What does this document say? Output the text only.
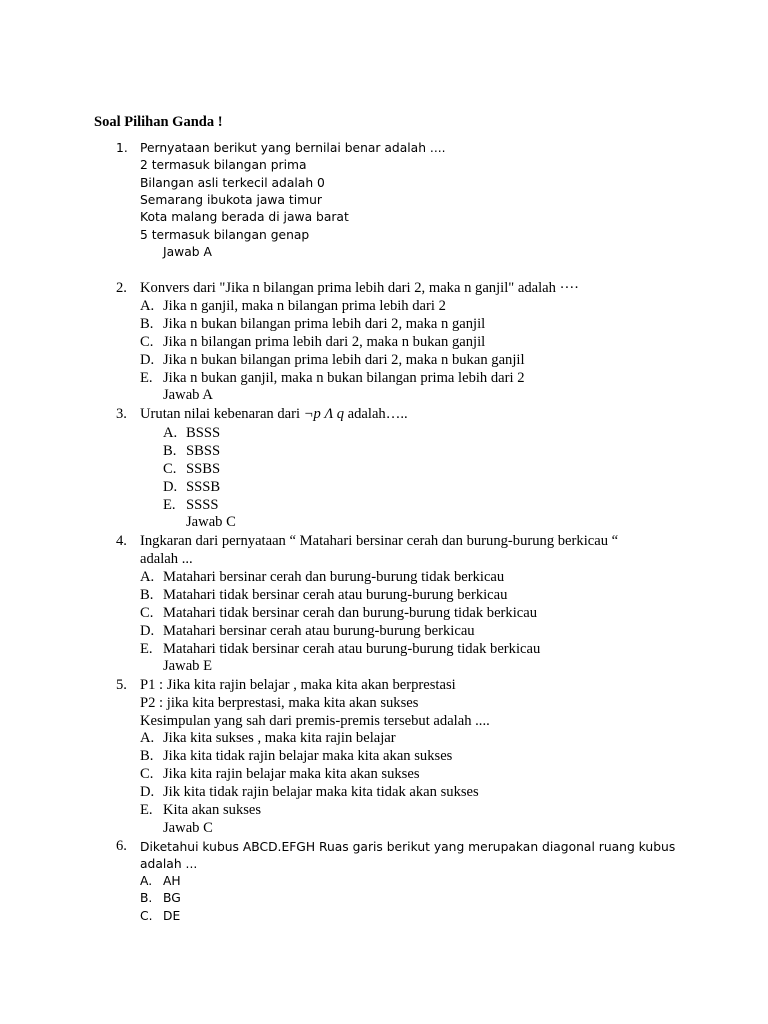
Soal Pilihan Ganda !
1. Pernyataan berikut yang bernilai benar adalah ....
2 termasuk bilangan prima
Bilangan asli terkecil adalah 0
Semarang ibukota jawa timur
Kota malang berada di jawa barat
5 termasuk bilangan genap
Jawab A
2. Konvers dari "Jika n bilangan prima lebih dari 2, maka n ganjil" adalah ····
A. Jika n ganjil, maka n bilangan prima lebih dari 2
B. Jika n bukan bilangan prima lebih dari 2, maka n ganjil
C. Jika n bilangan prima lebih dari 2, maka n bukan ganjil
D. Jika n bukan bilangan prima lebih dari 2, maka n bukan ganjil
E. Jika n bukan ganjil, maka n bukan bilangan prima lebih dari 2
Jawab A
3. Urutan nilai kebenaran dari ¬p Λ q adalah…..
A. BSSS
B. SBSS
C. SSBS
D. SSSB
E. SSSS
Jawab C
4. Ingkaran dari pernyataan “ Matahari bersinar cerah dan burung-burung berkicau “
adalah ...
A. Matahari bersinar cerah dan burung-burung tidak berkicau
B. Matahari tidak bersinar cerah atau burung-burung berkicau
C. Matahari tidak bersinar cerah dan burung-burung tidak berkicau
D. Matahari bersinar cerah atau burung-burung berkicau
E. Matahari tidak bersinar cerah atau burung-burung tidak berkicau
Jawab E
5. P1 : Jika kita rajin belajar , maka kita akan berprestasi
P2 : jika kita berprestasi, maka kita akan sukses
Kesimpulan yang sah dari premis-premis tersebut adalah ....
A. Jika kita sukses , maka kita rajin belajar
B. Jika kita tidak rajin belajar maka kita akan sukses
C. Jika kita rajin belajar maka kita akan sukses
D. Jik kita tidak rajin belajar maka kita tidak akan sukses
E. Kita akan sukses
Jawab C
6. Diketahui kubus ABCD.EFGH Ruas garis berikut yang merupakan diagonal ruang kubus
adalah ...
A. AH
B. BG
C. DE
